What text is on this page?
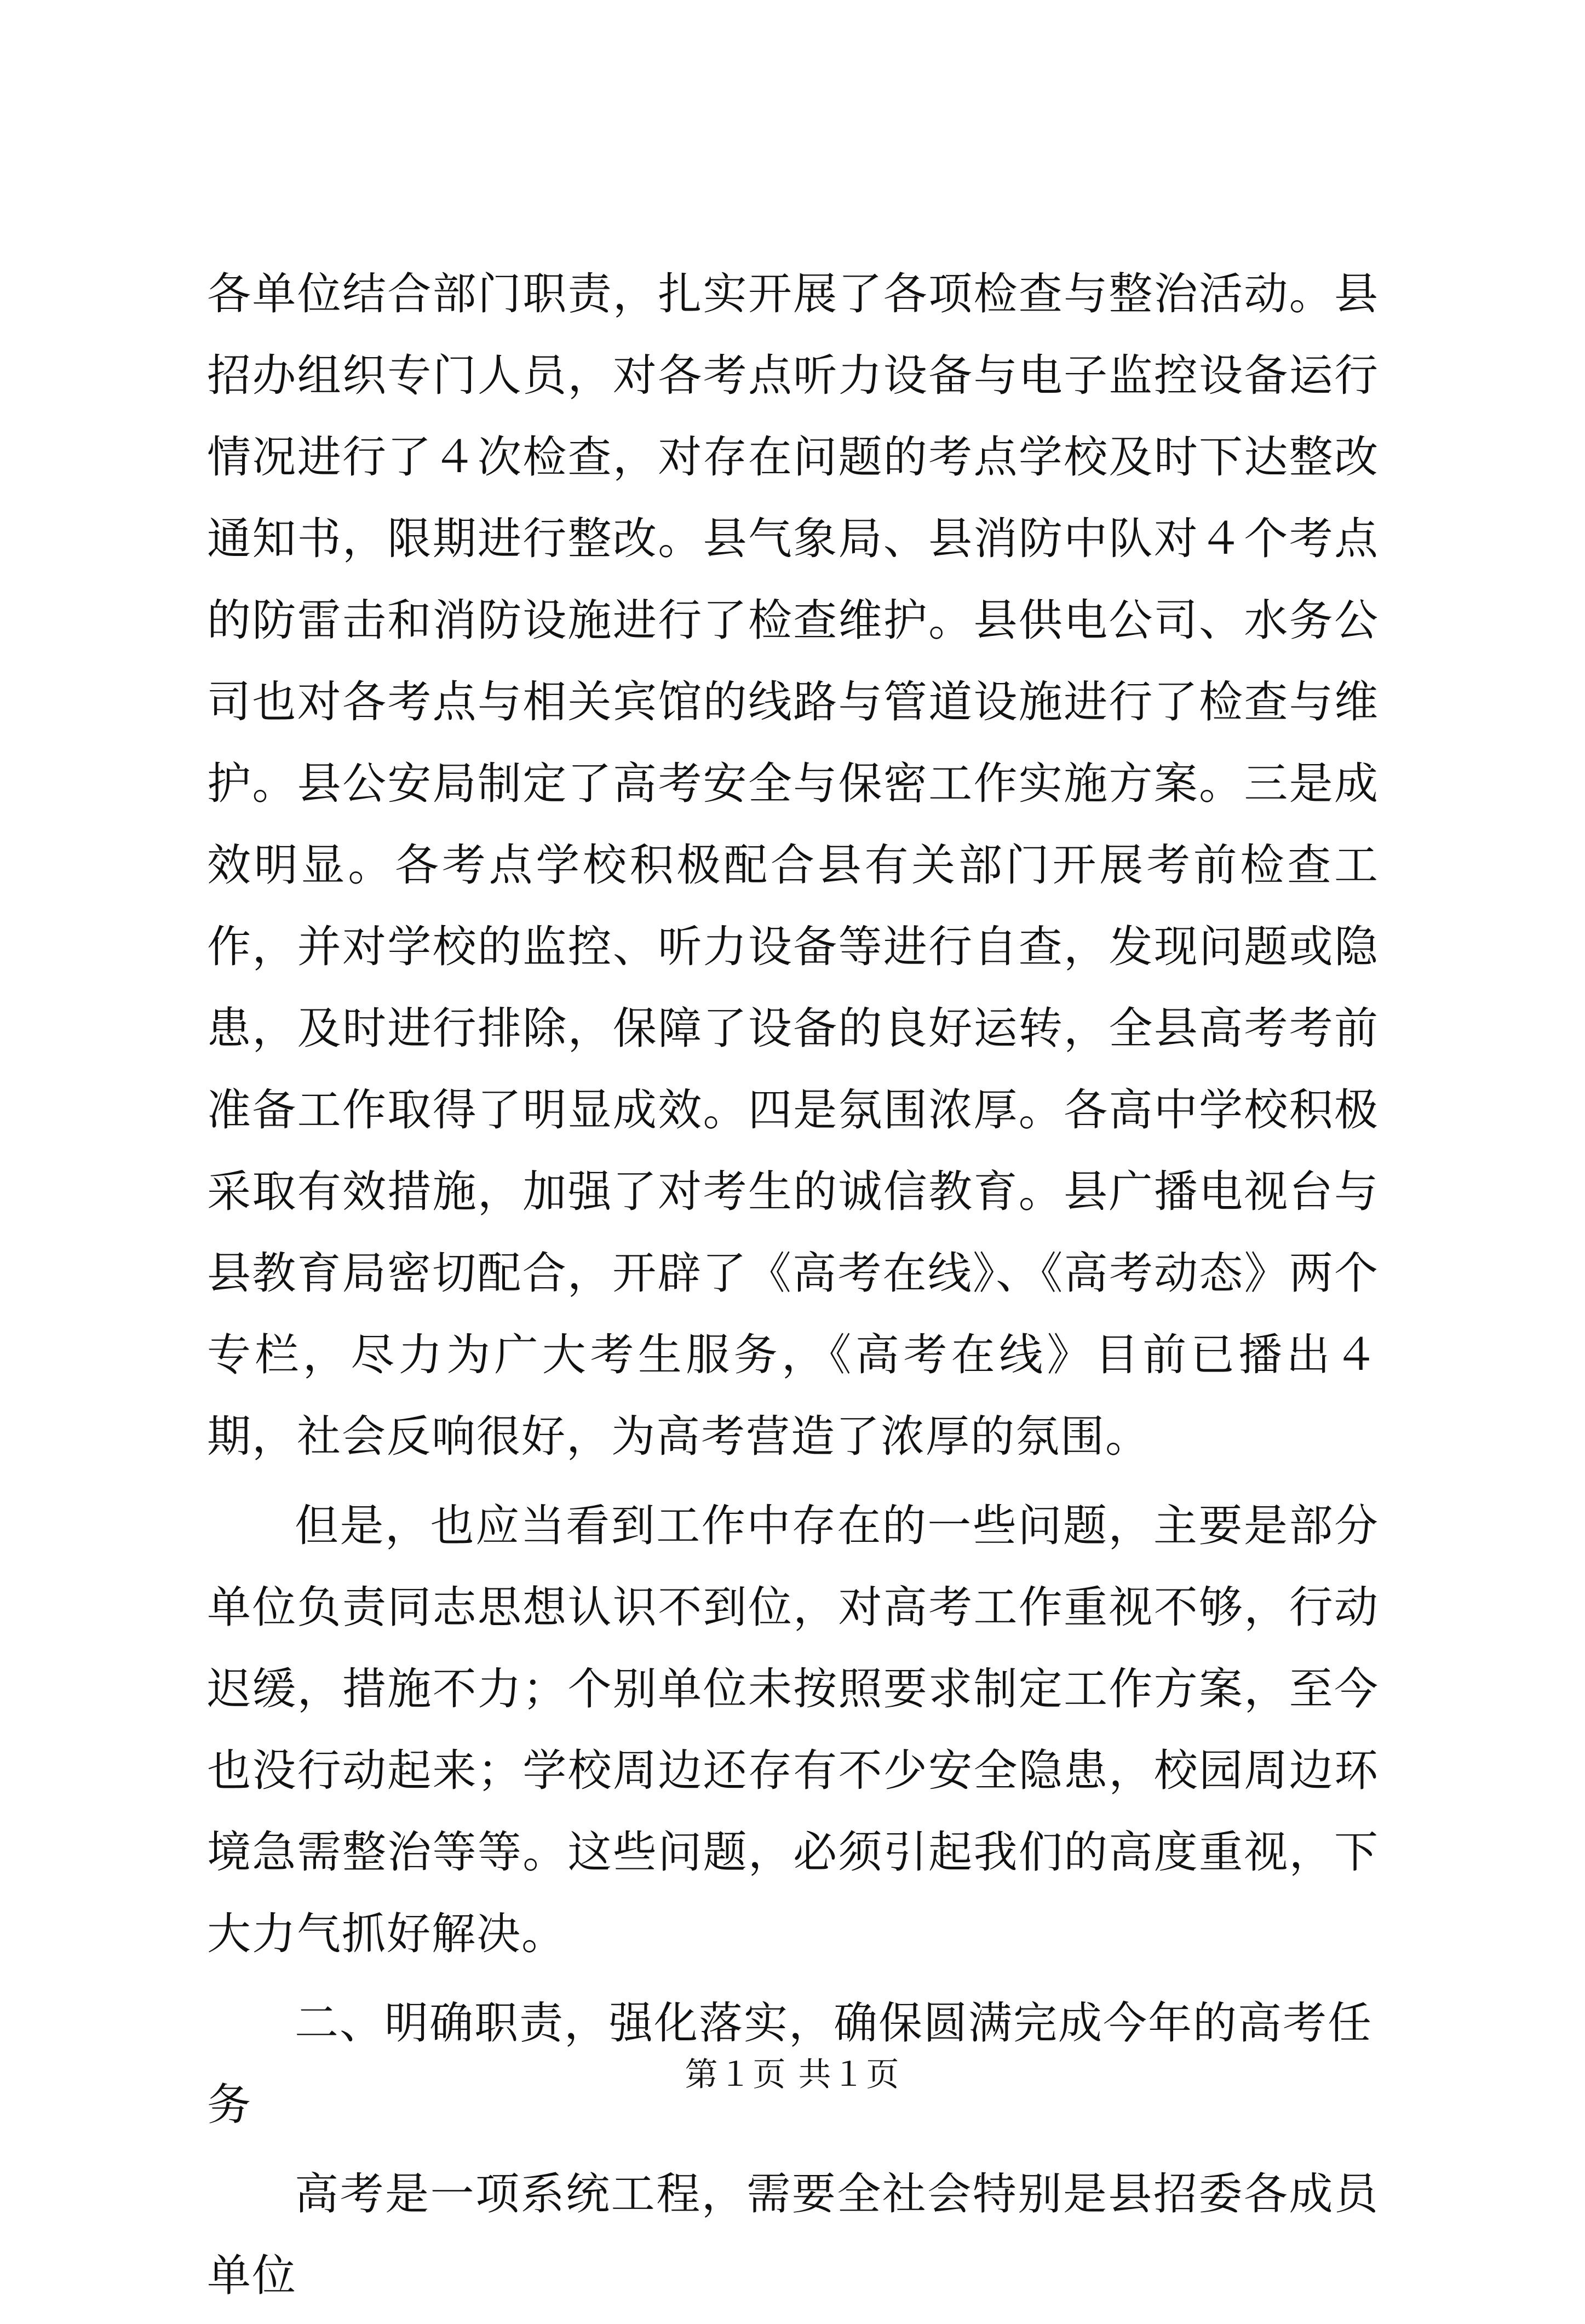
各单位结合部门职责，扎实开展了各项检查与整治活动。县招办组织专门人员，对各考点听力设备与电子监控设备运行情况进行了４次检查，对存在问题的考点学校及时下达整改通知书，限期进行整改。县气象局、县消防中队对４个考点的防雷击和消防设施进行了检查维护。县供电公司、水务公司也对各考点与相关宾馆的线路与管道设施进行了检查与维护。县公安局制定了高考安全与保密工作实施方案。三是成效明显。各考点学校积极配合县有关部门开展考前检查工作，并对学校的监控、听力设备等进行自查，发现问题或隐患，及时进行排除，保障了设备的良好运转，全县高考考前准备工作取得了明显成效。四是氛围浓厚。各高中学校积极采取有效措施，加强了对考生的诚信教育。县广播电视台与县教育局密切配合，开辟了《高考在线》、《高考动态》两个专栏，尽力为广大考生服务，《高考在线》目前已播出４期，社会反响很好，为高考营造了浓厚的氛围。

但是，也应当看到工作中存在的一些问题，主要是部分单位负责同志思想认识不到位，对高考工作重视不够，行动迟缓，措施不力；个别单位未按照要求制定工作方案，至今也没行动起来；学校周边还存有不少安全隐患，校园周边环境急需整治等等。这些问题，必须引起我们的高度重视，下大力气抓好解决。

二、明确职责，强化落实，确保圆满完成今年的高考任务

高考是一项系统工程，需要全社会特别是县招委各成员单位

第１页 共１页
